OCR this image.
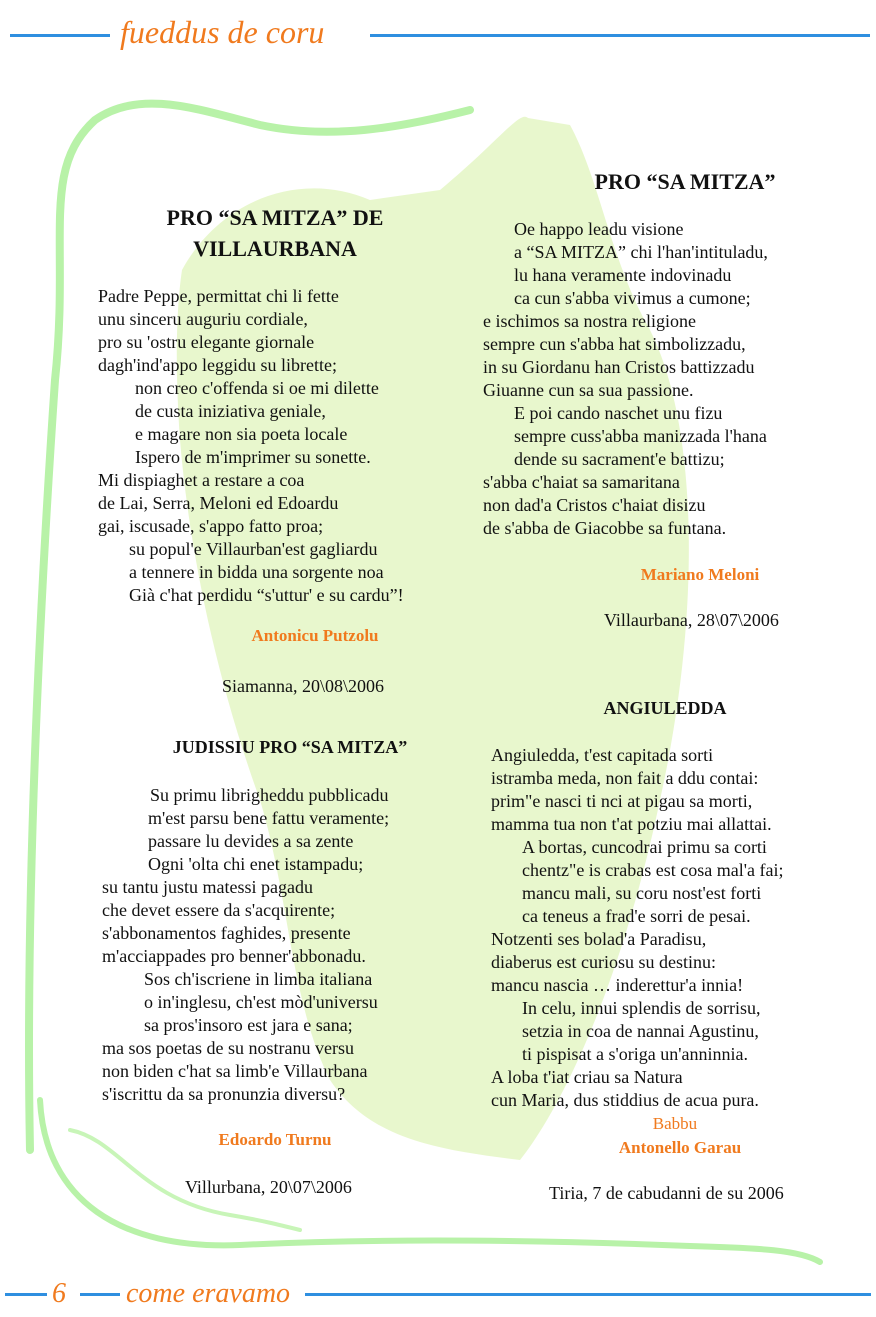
fueddus de coru
PRO “SA MITZA” DE
VILLAURBANA
Padre Peppe, permittat chi li fette
unu sinceru auguriu cordiale,
pro su 'ostru elegante giornale
dagh'ind'appo leggidu su librette;
non creo c'offenda si oe mi dilette
de custa iniziativa geniale,
e magare non sia poeta locale
Ispero de m'imprimer su sonette.
Mi dispiaghet a restare a coa
de Lai, Serra, Meloni ed Edoardu
gai, iscusade, s'appo fatto proa;
su popul'e Villaurban'est gagliardu
a tennere in bidda una sorgente noa
Già c'hat perdidu “s'uttur' e su cardu”!
Antonicu Putzolu
Siamanna, 20\08\2006
JUDISSIU PRO “SA MITZA”
Su primu librigheddu pubblicadu
m'est parsu bene fattu veramente;
passare lu devides a sa zente
Ogni 'olta chi enet istampadu;
su tantu justu matessi pagadu
che devet essere da s'acquirente;
s'abbonamentos faghides, presente
m'acciappades pro benner'abbonadu.
Sos ch'iscriene in limba italiana
o in'inglesu, ch'est mòd'universu
sa pros'insoro est jara e sana;
ma sos poetas de su nostranu versu
non biden c'hat sa limb'e Villaurbana
s'iscrittu da sa pronunzia diversu?
Edoardo Turnu
Villurbana, 20\07\2006
PRO “SA MITZA”
Oe happo leadu visione
a “SA MITZA” chi l'han'intituladu,
lu hana veramente indovinadu
ca cun s'abba vivimus a cumone;
e ischimos sa nostra religione
sempre cun s'abba hat simbolizzadu,
in su Giordanu han Cristos battizzadu
Giuanne cun sa sua passione.
E poi cando naschet unu fizu
sempre cuss'abba manizzada l'hana
dende su sacrament'e battizu;
s'abba c'haiat sa samaritana
non dad'a Cristos c'haiat disizu
de s'abba de Giacobbe sa funtana.
Mariano Meloni
Villaurbana, 28\07\2006
ANGIULEDDA
Angiuledda, t'est capitada sorti
istramba meda, non fait a ddu contai:
prim"e nasci ti nci at pigau sa morti,
mamma tua non t'at potziu mai allattai.
A bortas, cuncodrai primu sa corti
chentz"e is crabas est cosa mal'a fai;
mancu mali, su coru nost'est forti
ca teneus a frad'e sorri de pesai.
Notzenti ses bolad'a Paradisu,
diaberus est curiosu su destinu:
mancu nascia … inderettur'a innia!
In celu, innui splendis de sorrisu,
setzia in coa de nannai Agustinu,
ti pispisat a s'origa un'anninnia.
A loba t'iat criau sa Natura
cun Maria, dus stiddius de acua pura.
Babbu
Antonello Garau
Tiria, 7 de cabudanni de su 2006
6 come eravamo
